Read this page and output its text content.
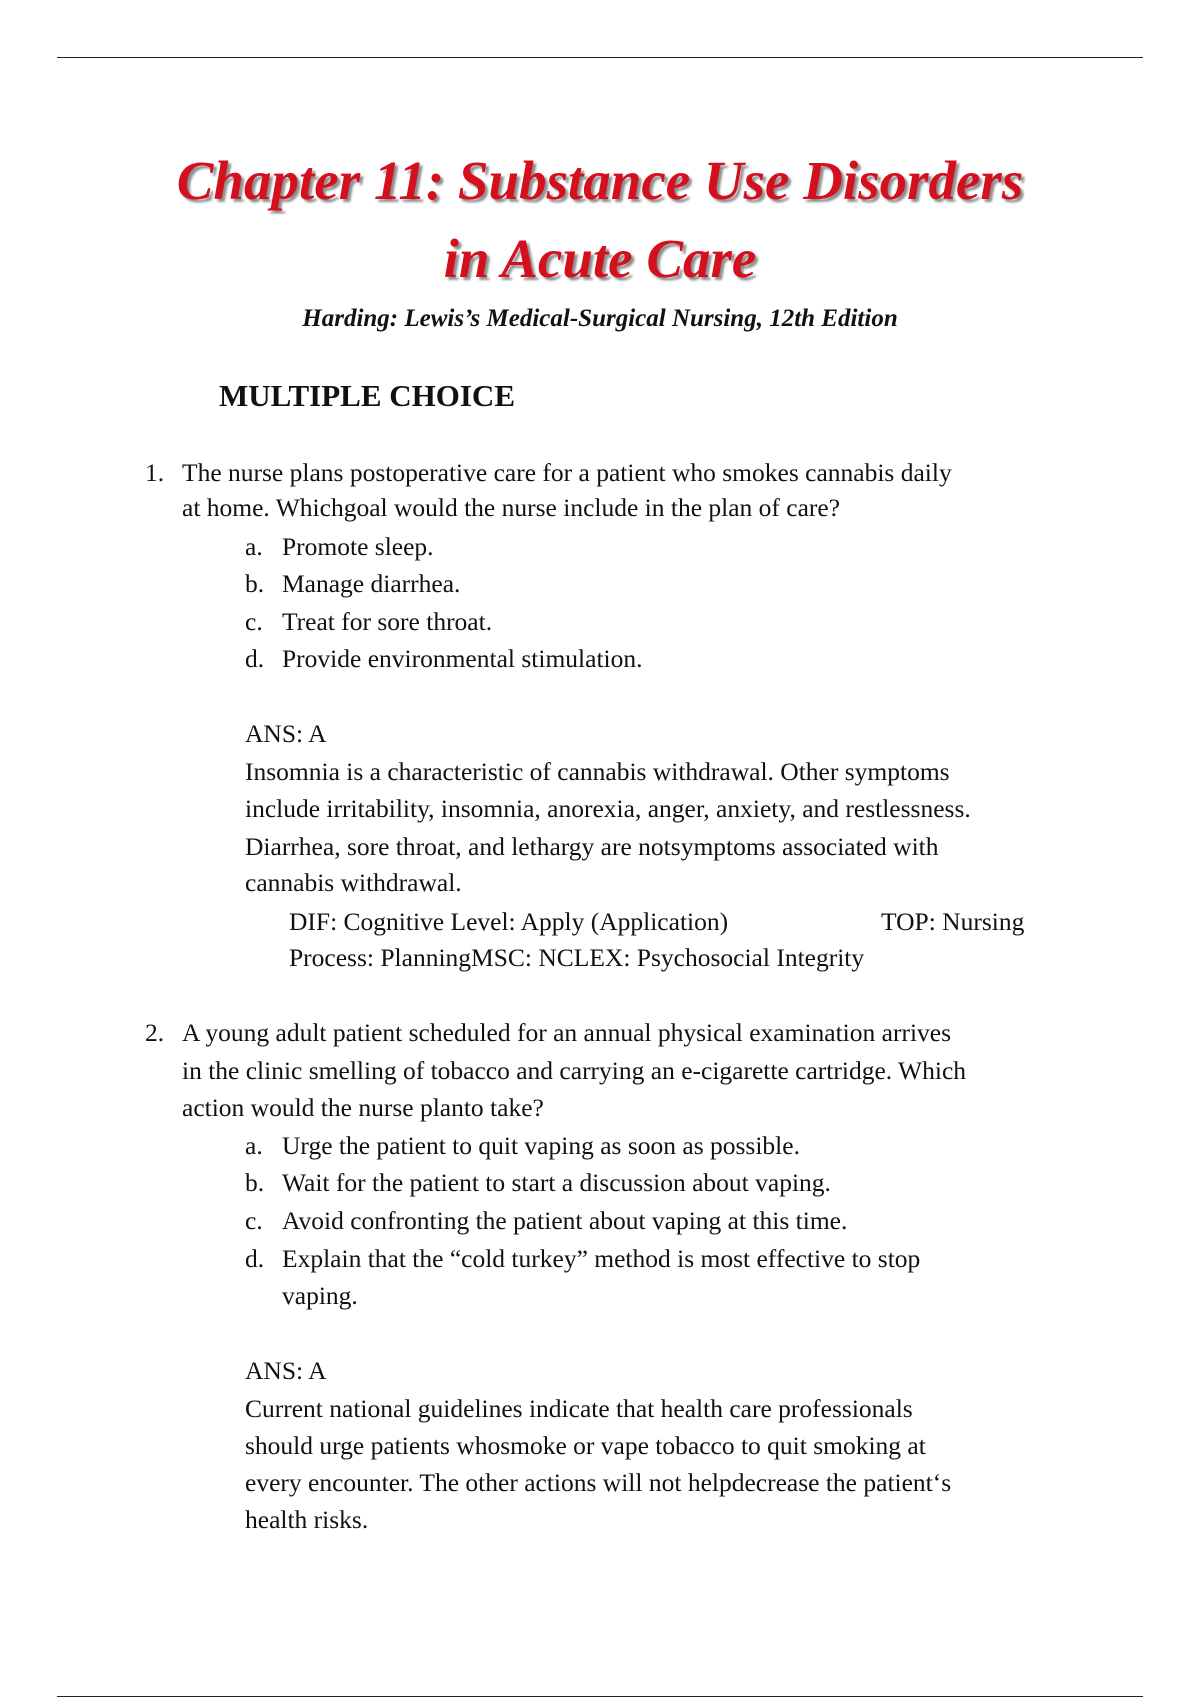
Chapter 11: Substance Use Disorders
in Acute Care
Harding: Lewis’s Medical-Surgical Nursing, 12th Edition
MULTIPLE CHOICE
1. The nurse plans postoperative care for a patient who smokes cannabis daily
at home. Whichgoal would the nurse include in the plan of care?
a. Promote sleep.
b. Manage diarrhea.
c. Treat for sore throat.
d. Provide environmental stimulation.
ANS: A
Insomnia is a characteristic of cannabis withdrawal. Other symptoms
include irritability, insomnia, anorexia, anger, anxiety, and restlessness.
Diarrhea, sore throat, and lethargy are notsymptoms associated with
cannabis withdrawal.
DIF: Cognitive Level: Apply (Application)	TOP: Nursing
Process: PlanningMSC: NCLEX: Psychosocial Integrity
2. A young adult patient scheduled for an annual physical examination arrives
in the clinic smelling of tobacco and carrying an e-cigarette cartridge. Which
action would the nurse planto take?
a. Urge the patient to quit vaping as soon as possible.
b. Wait for the patient to start a discussion about vaping.
c. Avoid confronting the patient about vaping at this time.
d. Explain that the “cold turkey” method is most effective to stop
vaping.
ANS: A
Current national guidelines indicate that health care professionals
should urge patients whosmoke or vape tobacco to quit smoking at
every encounter. The other actions will not helpdecrease the patient‘s
health risks.
